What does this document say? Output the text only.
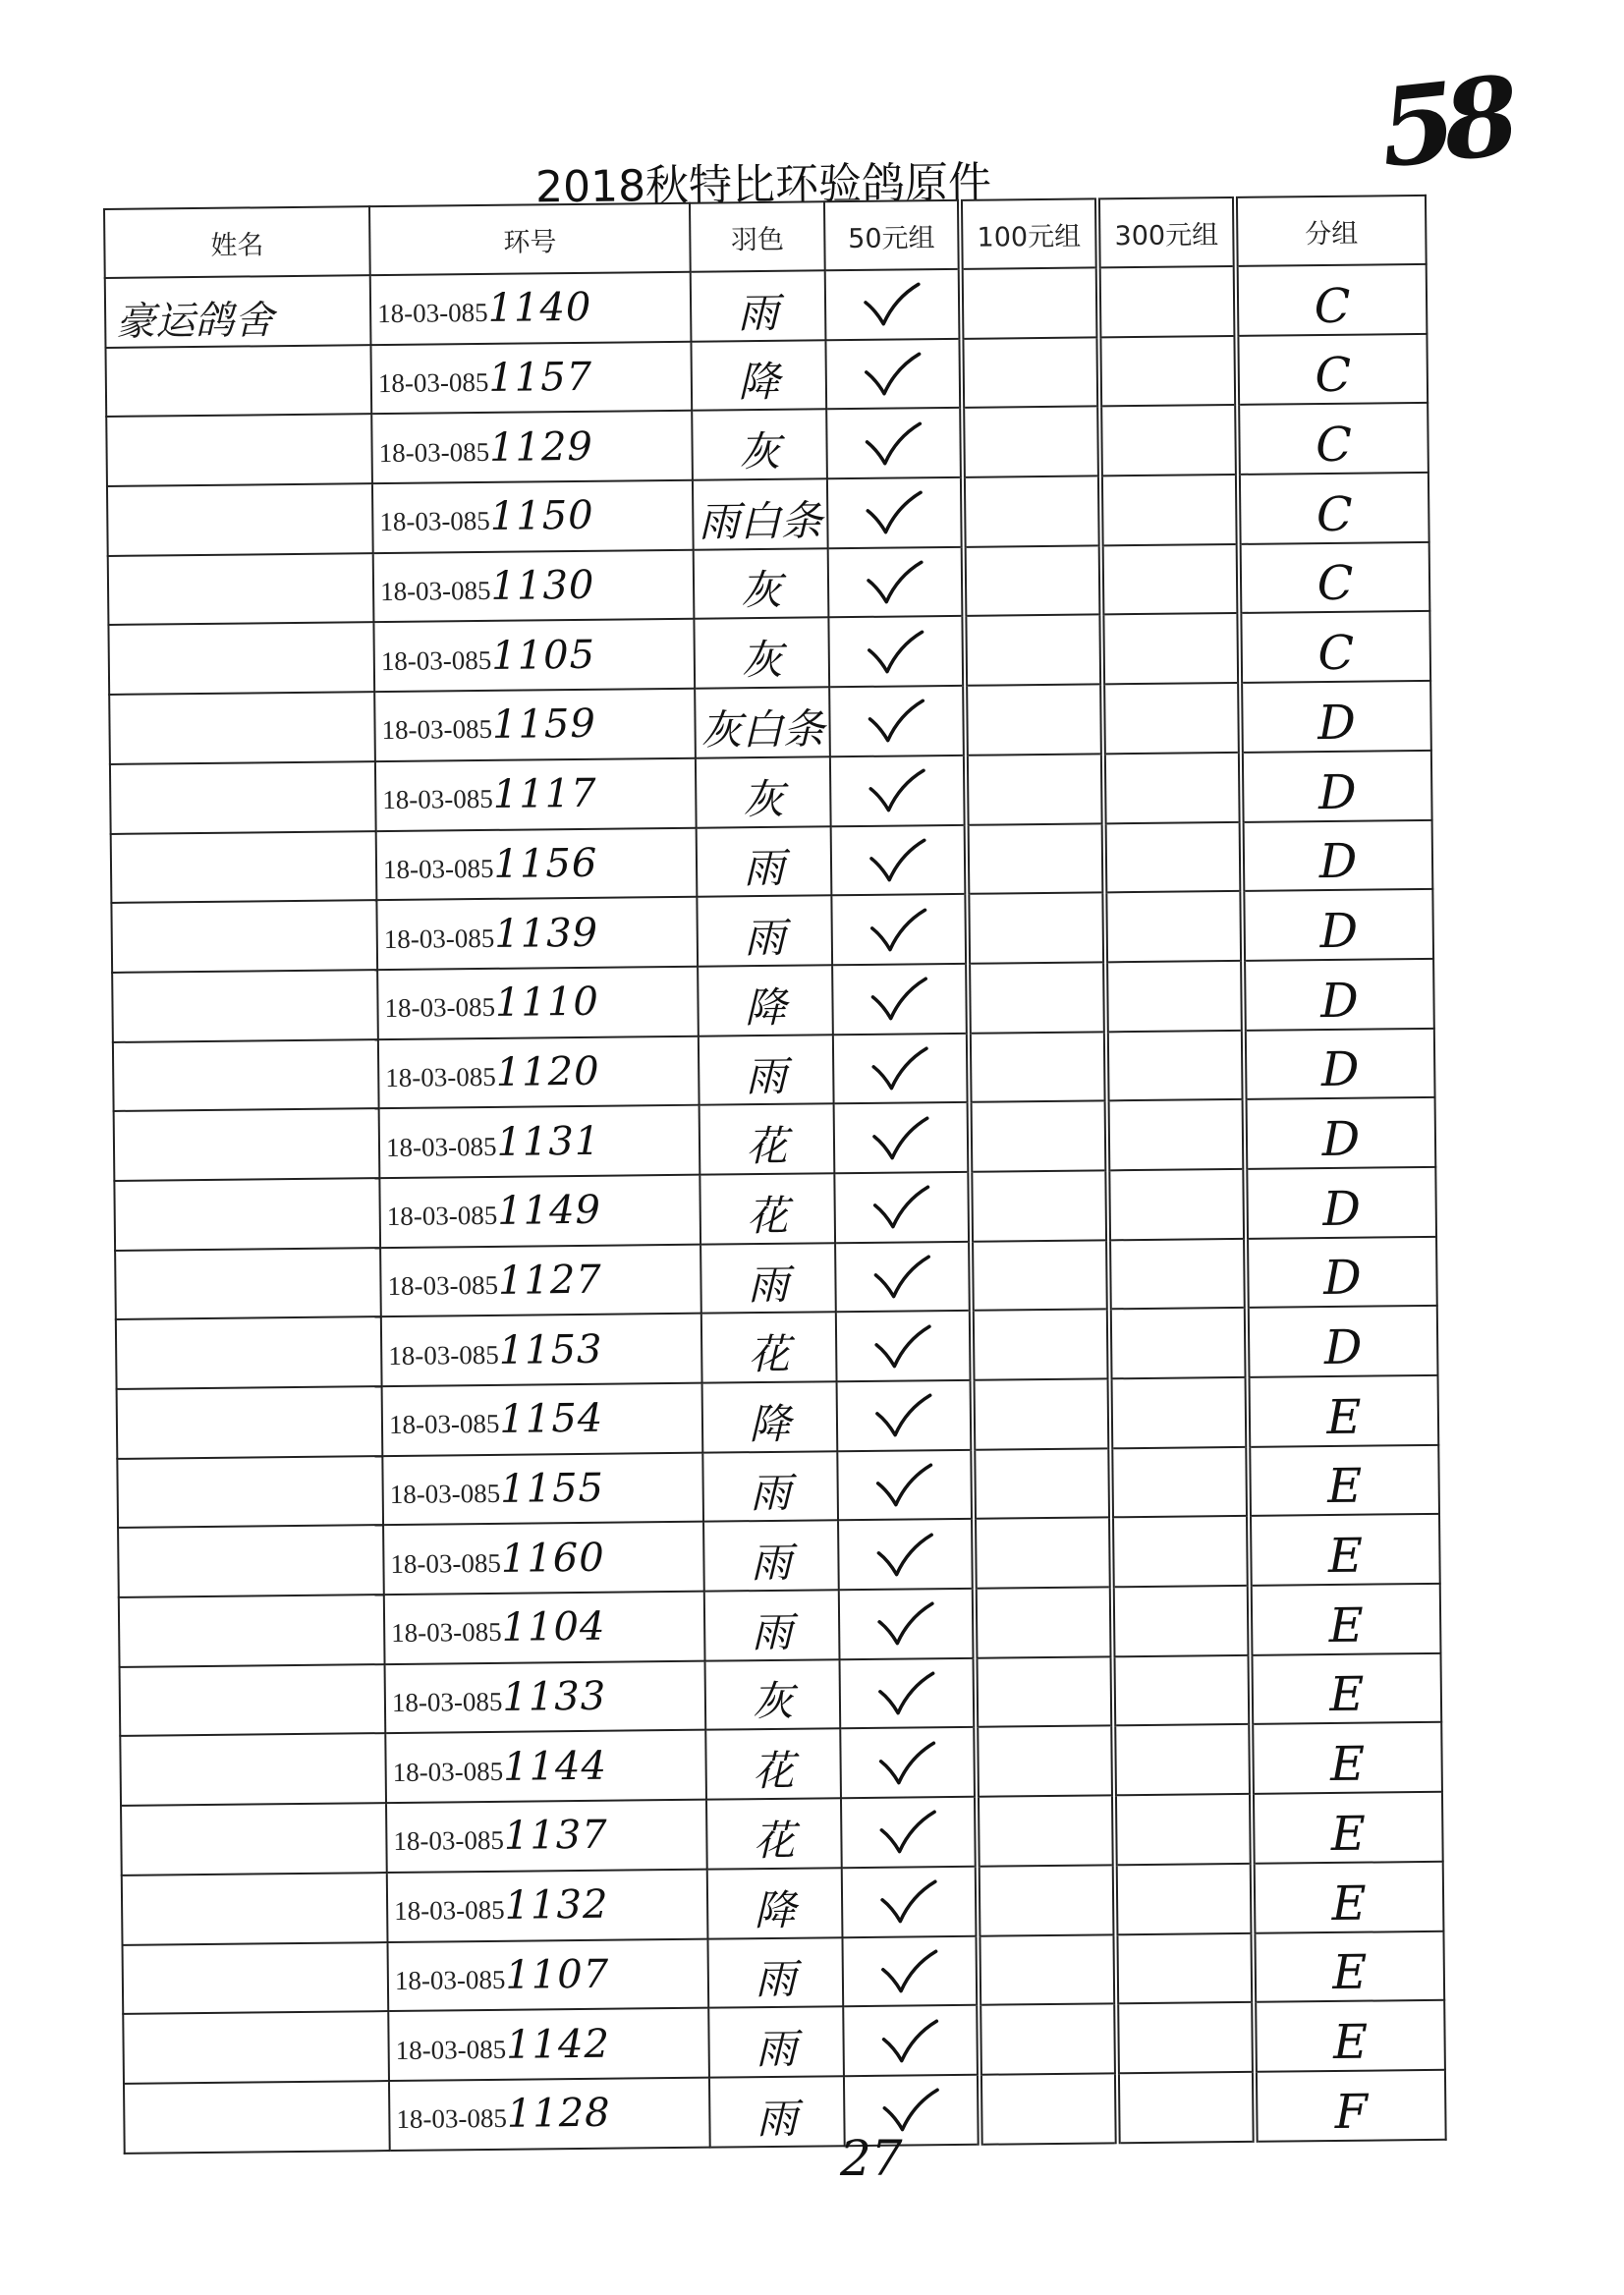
58
2018秋特比环验鸽原件
姓名	环号	羽色	50元组	100元组	300元组	分组
豪运鸽舍	18-03-0851140	雨				C
	18-03-0851157	降				C
	18-03-0851129	灰				C
	18-03-0851150	雨白条				C
	18-03-0851130	灰				C
	18-03-0851105	灰				C
	18-03-0851159	灰白条				D
	18-03-0851117	灰				D
	18-03-0851156	雨				D
	18-03-0851139	雨				D
	18-03-0851110	降				D
	18-03-0851120	雨				D
	18-03-0851131	花				D
	18-03-0851149	花				D
	18-03-0851127	雨				D
	18-03-0851153	花				D
	18-03-0851154	降				E
	18-03-0851155	雨				E
	18-03-0851160	雨				E
	18-03-0851104	雨				E
	18-03-0851133	灰				E
	18-03-0851144	花				E
	18-03-0851137	花				E
	18-03-0851132	降				E
	18-03-0851107	雨				E
	18-03-0851142	雨				E
	18-03-0851128	雨				F
27
